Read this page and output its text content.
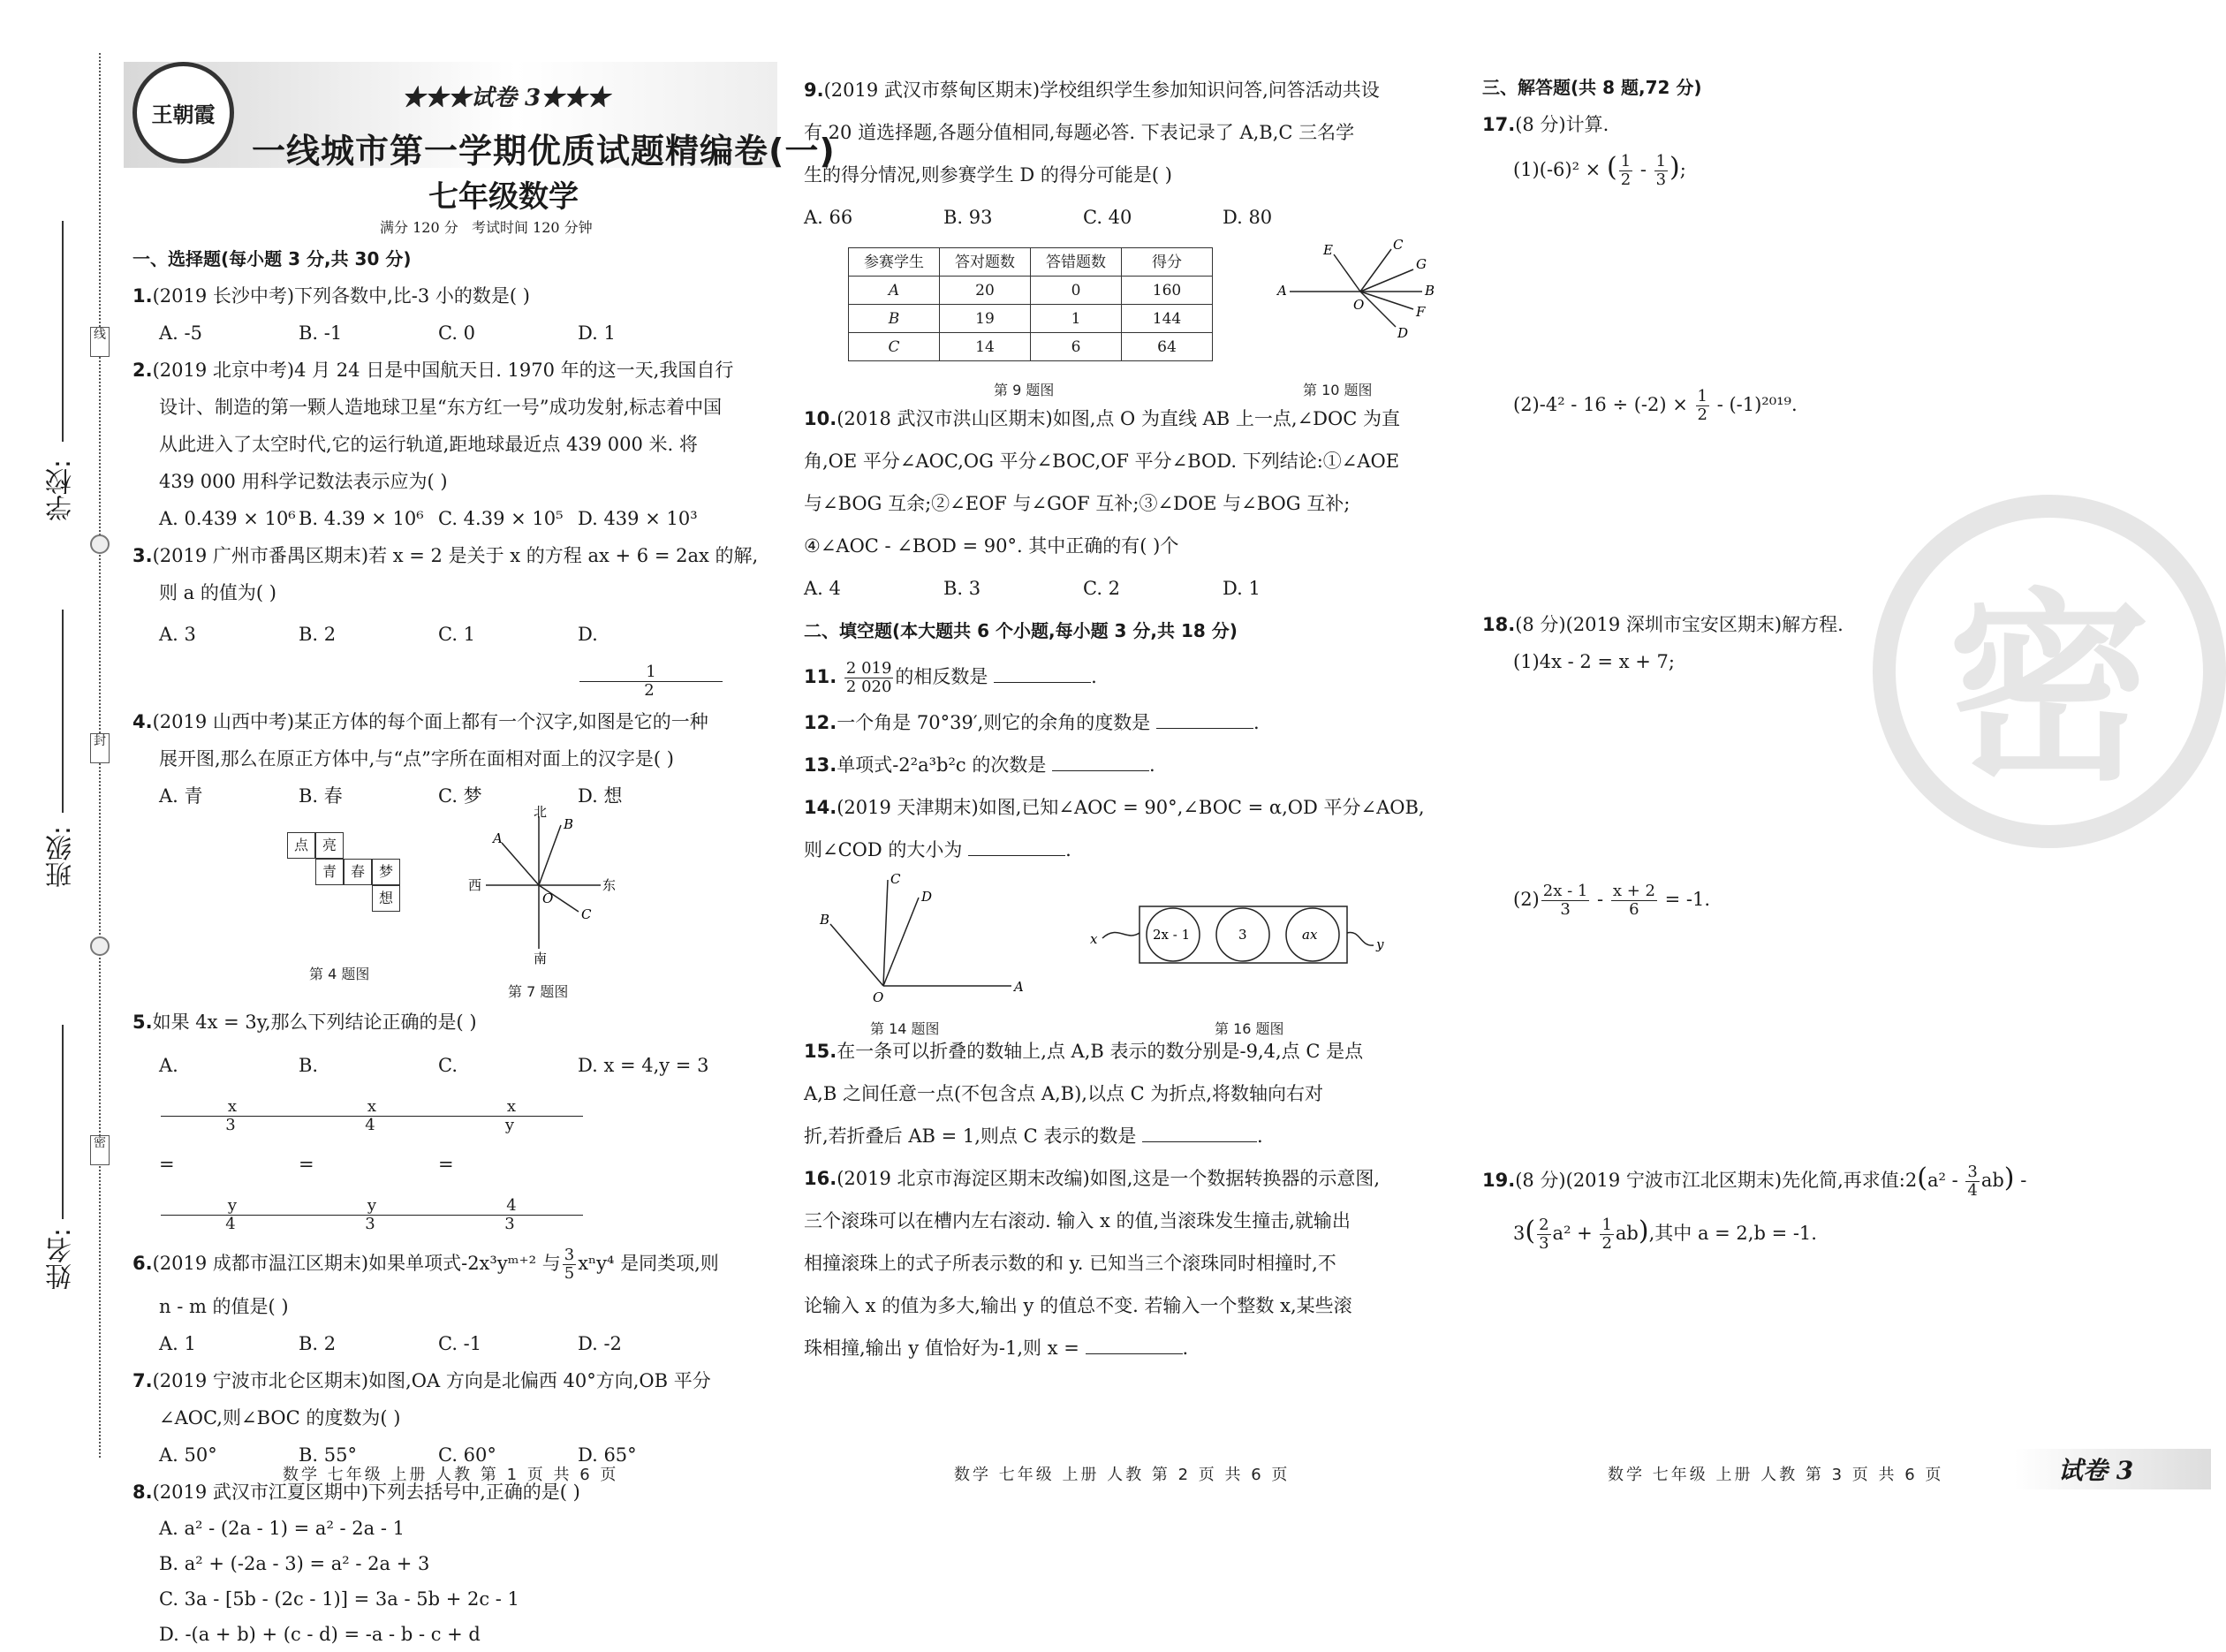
学校:
班级:
姓名:
线
封
密
王朝霞
★★★试卷 3★★★
一线城市第一学期优质试题精编卷(一)
七年级数学
满分 120 分   考试时间 120 分钟
一、选择题(每小题 3 分,共 30 分)
1.(2019 长沙中考)下列各数中,比-3 小的数是( )
A. -5	B. -1	C. 0	D. 1
2.(2019 北京中考)4 月 24 日是中国航天日. 1970 年的这一天,我国自行
设计、制造的第一颗人造地球卫星“东方红一号”成功发射,标志着中国
从此进入了太空时代,它的运行轨道,距地球最近点 439 000 米. 将
439 000 用科学记数法表示应为( )
A. 0.439 × 10⁶ B. 4.39 × 10⁶ C. 4.39 × 10⁵ D. 439 × 10³
3.(2019 广州市番禺区期末)若 x = 2 是关于 x 的方程 ax + 6 = 2ax 的解,
则 a 的值为( )
A. 3	B. 2	C. 1	D. $\frac{1}{2}$
4.(2019 山西中考)某正方体的每个面上都有一个汉字,如图是它的一种
展开图,那么在原正方体中,与“点”字所在面相对面上的汉字是( )
A. 青	B. 春	C. 梦	D. 想
点 亮
青 春 梦
想
第 4 题图
北
南
东
西
O
A
B
C
第 7 题图
5.如果 4x = 3y,那么下列结论正确的是( )
A. $\frac{x}{3} = \frac{y}{4}$
B. $\frac{x}{4} = \frac{y}{3}$
C. $\frac{x}{y} = \frac{4}{3}$
D. x = 4,y = 3
6.(2019 成都市温江区期末)如果单项式-2x³yᵐ⁺² 与 $\frac{3}{5} x^ny^4$ 是同类项,则
n - m 的值是( )
A. 1	B. 2	C. -1	D. -2
7.(2019 宁波市北仑区期末)如图,OA 方向是北偏西 40°方向,OB 平分
∠AOC,则∠BOC 的度数为( )
A. 50°	B. 55°	C. 60°	D. 65°
8.(2019 武汉市江夏区期中)下列去括号中,正确的是( )
A. a² - (2a - 1) = a² - 2a - 1
B. a² + (-2a - 3) = a² - 2a + 3
C. 3a - [5b - (2c - 1)] = 3a - 5b + 2c - 1
D. -(a + b) + (c - d) = -a - b - c + d
9.(2019 武汉市蔡甸区期末)学校组织学生参加知识问答,问答活动共设
有 20 道选择题,各题分值相同,每题必答. 下表记录了 A,B,C 三名学
生的得分情况,则参赛学生 D 的得分可能是( )
A. 66	B. 93	C. 40	D. 80
参赛学生	答对题数	答错题数	得分
A	20	0	160
B	19	1	144
C	14	6	64
第 9 题图
A	B
C
D
E
F
G
O
第 10 题图
10.(2018 武汉市洪山区期末)如图,点 O 为直线 AB 上一点,∠DOC 为直
角,OE 平分∠AOC,OG 平分∠BOC,OF 平分∠BOD. 下列结论:①∠AOE
与∠BOG 互余;②∠EOF 与∠GOF 互补;③∠DOE 与∠BOG 互补;
④∠AOC - ∠BOD = 90°. 其中正确的有( )个
A. 4	B. 3	C. 2	D. 1
二、填空题(本大题共 6 个小题,每小题 3 分,共 18 分)
11. $\frac{2 019}{2 020}$ 的相反数是	.
12.一个角是 70°39′,则它的余角的度数是	.
13.单项式-2²a³b²c 的次数是	.
14.(2019 天津期末)如图,已知∠AOC = 90°,∠BOC = α,OD 平分∠AOB,
则∠COD 的大小为	.
A
B
C
D
O
第 14 题图
x	y
2x - 1	3	ax
第 16 题图
15.在一条可以折叠的数轴上,点 A,B 表示的数分别是-9,4,点 C 是点
A,B 之间任意一点(不包含点 A,B),以点 C 为折点,将数轴向右对
折,若折叠后 AB = 1,则点 C 表示的数是	.
16.(2019 北京市海淀区期末改编)如图,这是一个数据转换器的示意图,
三个滚珠可以在槽内左右滚动. 输入 x 的值,当滚珠发生撞击,就输出
相撞滚珠上的式子所表示数的和 y. 已知当三个滚珠同时相撞时,不
论输入 x 的值为多大,输出 y 的值总不变. 若输入一个整数 x,某些滚
珠相撞,输出 y 值恰好为-1,则 x =	.
三、解答题(共 8 题,72 分)
17.(8 分)计算.
(1)(-6)² × ( $\frac{1}{2} - \frac{1}{3}$ );
$(2)-4^2 - 16 \div (-2) \times \frac{1}{2} - (-1)^{2019}$.
18.(8 分)(2019 深圳市宝安区期末)解方程.
(1)4x - 2 = x + 7;
$(2) \frac{2x - 1}{3} - \frac{x + 2}{6} = -1$.
19.(8 分)(2019 宁波市江北区期末)先化简,再求值:2(a² - $\frac{3}{4} ab$) -
$3( \frac{2}{3} a^2 + \frac{1}{2} ab)$,其中 a = 2,b = -1.
密
数学 七年级 上册 人教 第 1 页 共 6 页	数学 七年级 上册 人教 第 2 页 共 6 页	数学 七年级 上册 人教 第 3 页 共 6 页	试卷 3
